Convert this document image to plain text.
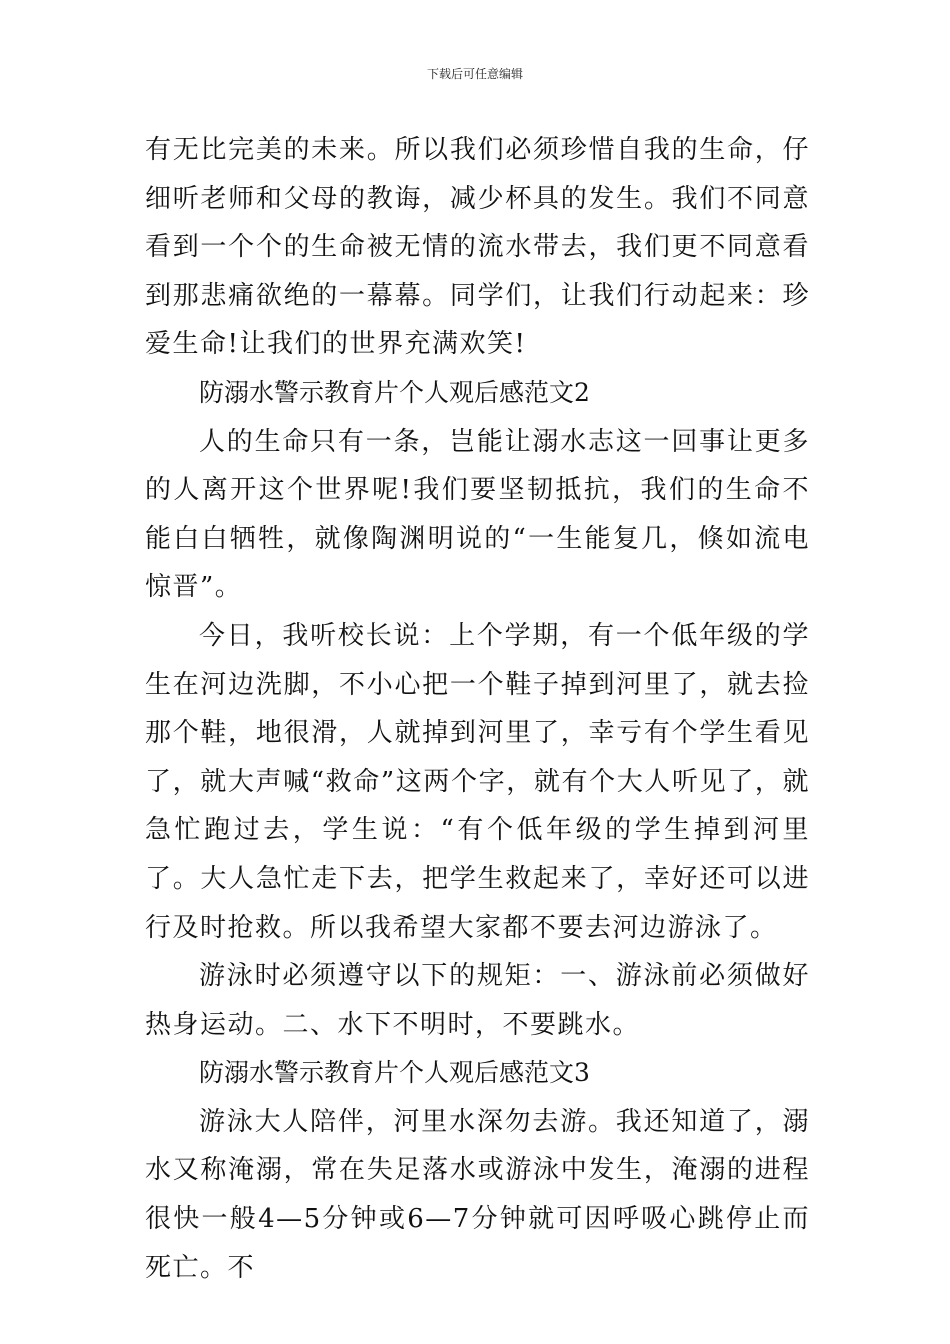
下载后可任意编辑

有无比完美的未来。所以我们必须珍惜自我的生命，仔细听老师和父母的教诲，减少杯具的发生。我们不同意看到一个个的生命被无情的流水带去，我们更不同意看到那悲痛欲绝的一幕幕。同学们，让我们行动起来：珍爱生命!让我们的世界充满欢笑!

防溺水警示教育片个人观后感范文2

人的生命只有一条，岂能让溺水志这一回事让更多的人离开这个世界呢!我们要坚韧抵抗，我们的生命不能白白牺牲，就像陶渊明说的“一生能复几，倏如流电惊晋”。

今日，我听校长说：上个学期，有一个低年级的学生在河边洗脚，不小心把一个鞋子掉到河里了，就去捡那个鞋，地很滑，人就掉到河里了，幸亏有个学生看见了，就大声喊“救命”这两个字，就有个大人听见了，就急忙跑过去，学生说：“有个低年级的学生掉到河里了。大人急忙走下去，把学生救起来了，幸好还可以进行及时抢救。所以我希望大家都不要去河边游泳了。

游泳时必须遵守以下的规矩：一、游泳前必须做好热身运动。二、水下不明时，不要跳水。

防溺水警示教育片个人观后感范文3

游泳大人陪伴，河里水深勿去游。我还知道了，溺水又称淹溺，常在失足落水或游泳中发生，淹溺的进程很快一般4—5分钟或6—7分钟就可因呼吸心跳停止而死亡。不
